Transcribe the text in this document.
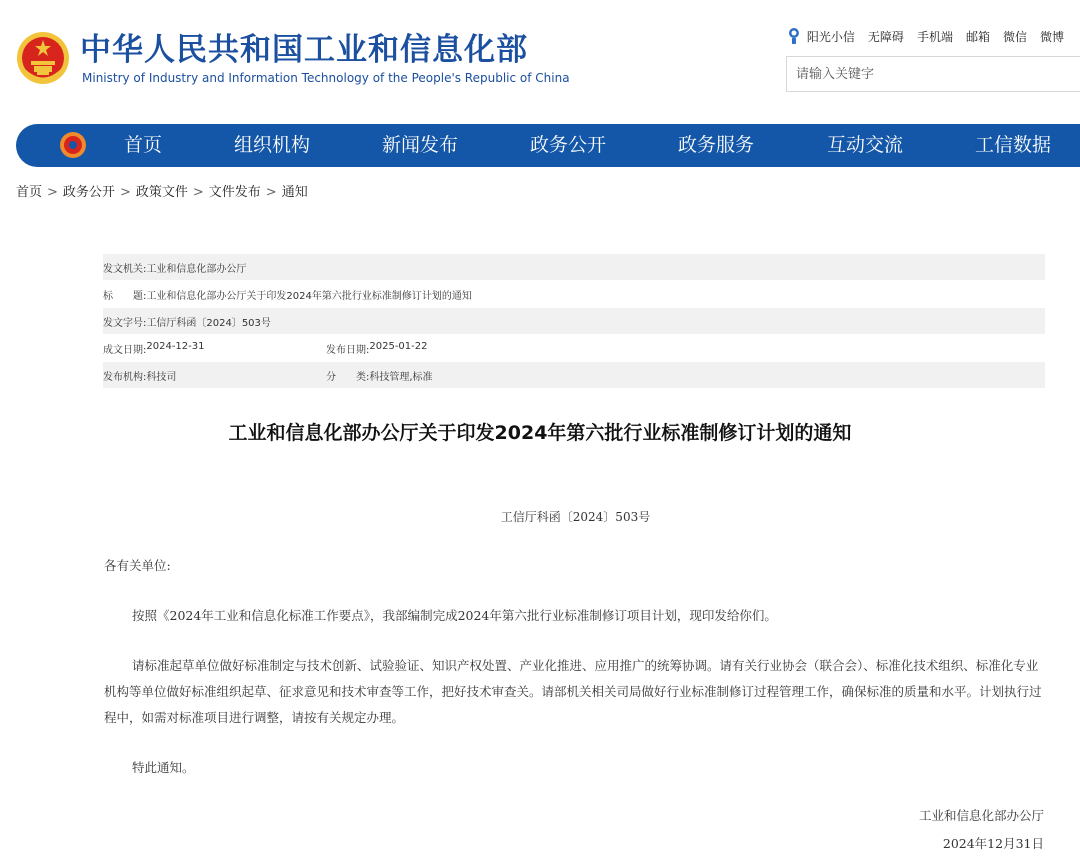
中华人民共和国工业和信息化部
Ministry of Industry and Information Technology of the People's Republic of China
阳光小信 无障碍 手机端 邮箱 微信 微博
请输入关键字
首页	组织机构	新闻发布	政务公开	政务服务	互动交流	工信数据
首页 > 政务公开 > 政策文件 > 文件发布 > 通知
发文机关: 工业和信息化部办公厅
标　　题: 工业和信息化部办公厅关于印发2024年第六批行业标准制修订计划的通知
发文字号: 工信厅科函〔2024〕503号
成文日期: 2024-12-31	发布日期: 2025-01-22
发布机构: 科技司	分　　类: 科技管理,标准
工业和信息化部办公厅关于印发2024年第六批行业标准制修订计划的通知
工信厅科函〔2024〕503号
各有关单位:
按照《2024年工业和信息化标准工作要点》，我部编制完成2024年第六批行业标准制修订项目计划，现印发给你们。
请标准起草单位做好标准制定与技术创新、试验验证、知识产权处置、产业化推进、应用推广的统筹协调。请有关行业协会（联合会）、标准化技术组织、标准化专业机构等单位做好标准组织起草、征求意见和技术审查等工作，把好技术审查关。请部机关相关司局做好行业标准制修订过程管理工作，确保标准的质量和水平。计划执行过程中，如需对标准项目进行调整，请按有关规定办理。
特此通知。
工业和信息化部办公厅
2024年12月31日
